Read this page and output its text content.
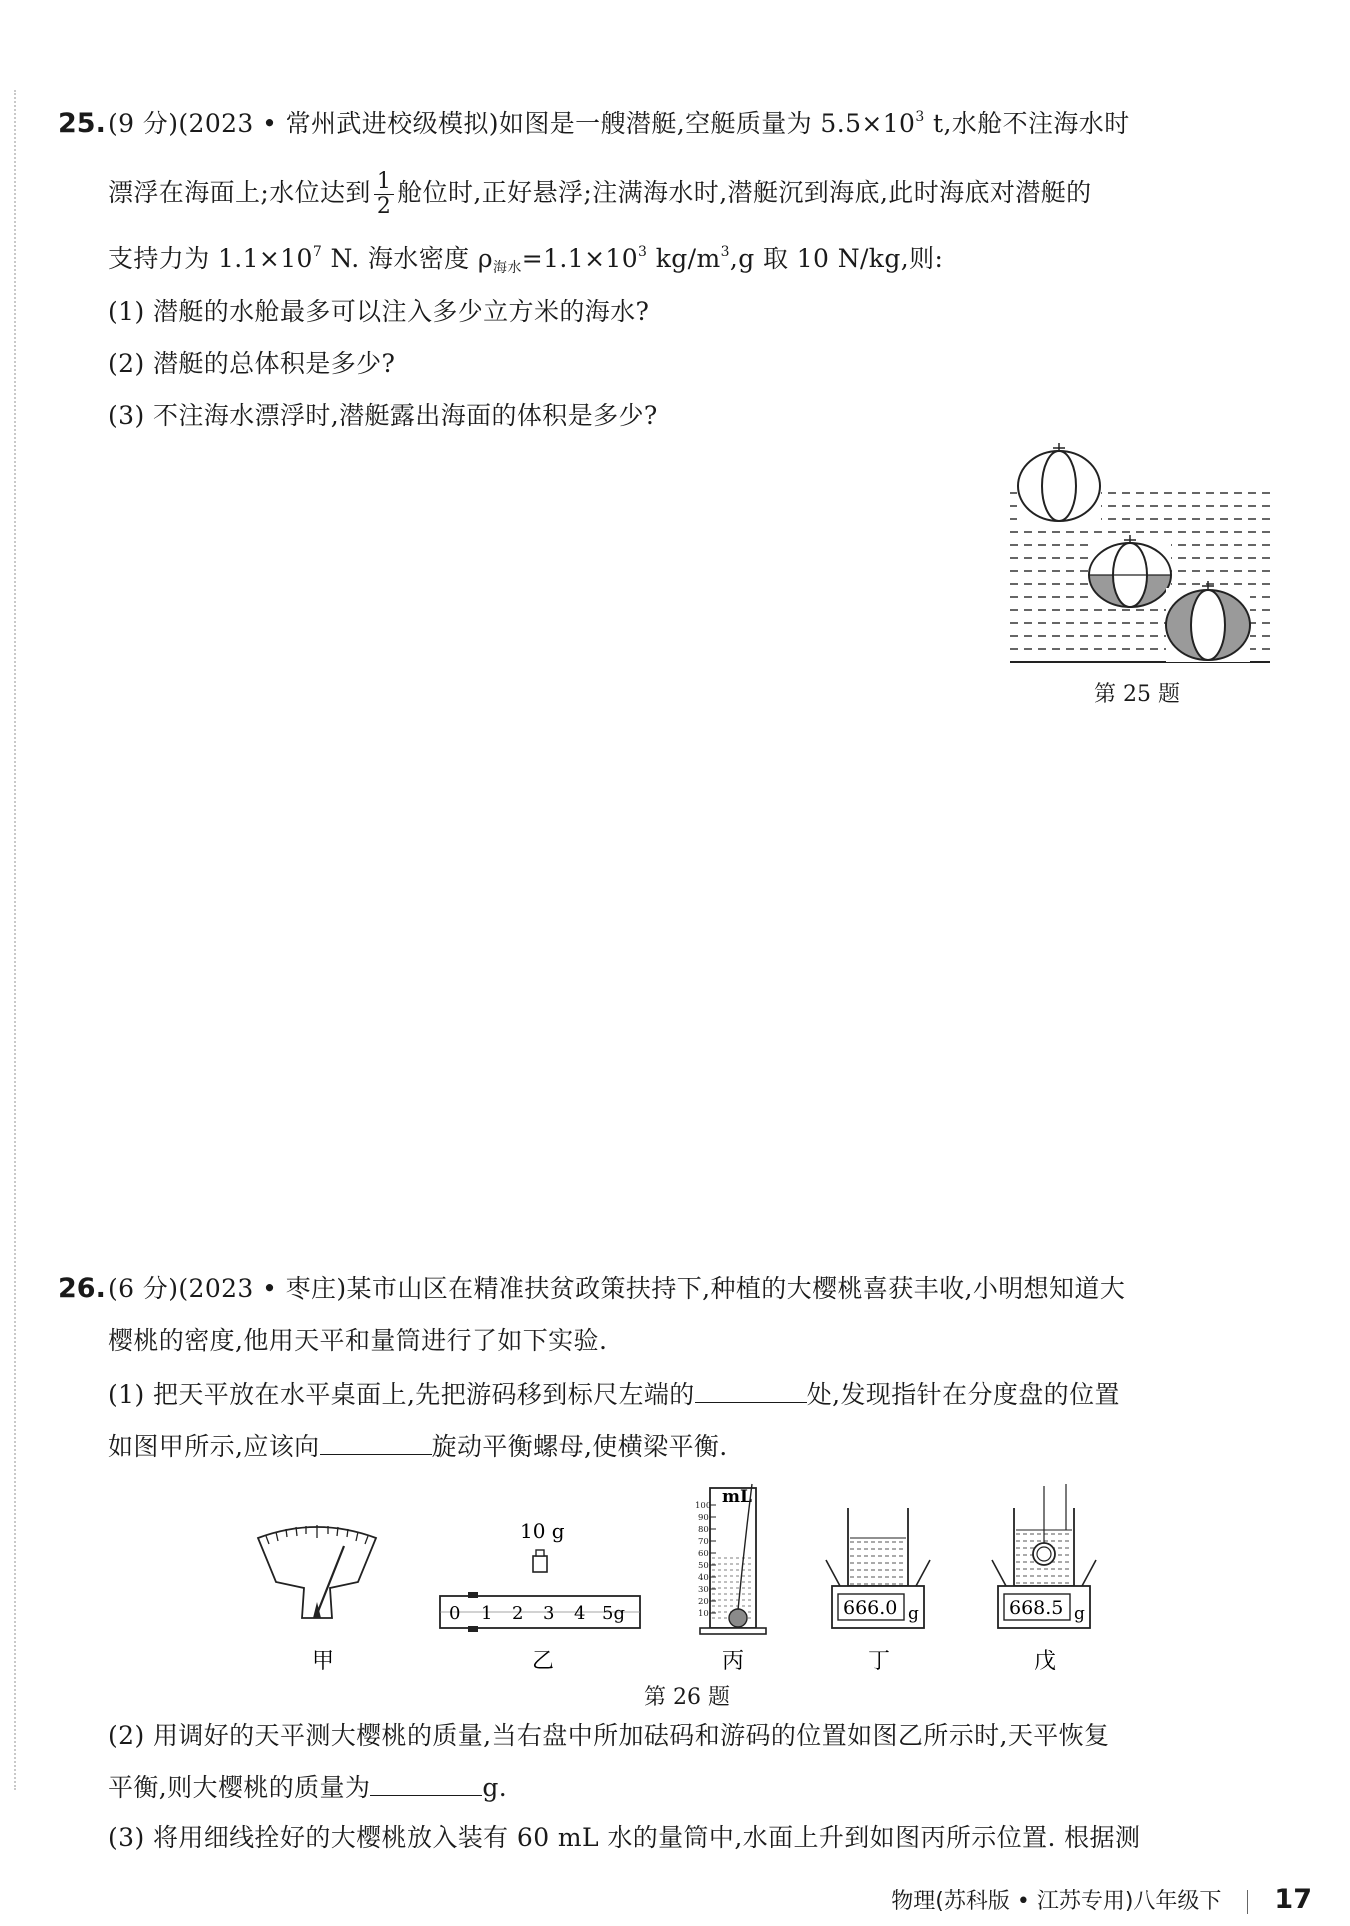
25. (9 分)(2023 • 常州武进校级模拟)如图是一艘潜艇,空艇质量为 $5.5\times 10^3$ t,水舱不注海水时
漂浮在海面上;水位达到 $\frac{1}{2}$ 舱位时,正好悬浮;注满海水时,潜艇沉到海底,此时海底对潜艇的
支持力为 $1.1\times 10^7$ N. 海水密度 $\rho_{海水}=1.1\times 10^3$ $kg/m^3,g$ 取 10 N/kg,则:
(1) 潜艇的水舱最多可以注入多少立方米的海水?
(2) 潜艇的总体积是多少?
(3) 不注海水漂浮时,潜艇露出海面的体积是多少?
第 25 题
26. (6 分)(2023 • 枣庄)某市山区在精准扶贫政策扶持下,种植的大樱桃喜获丰收,小明想知道大
樱桃的密度,他用天平和量筒进行了如下实验.
(1) 把天平放在水平桌面上,先把游码移到标尺左端的	处,发现指针在分度盘的位置
如图甲所示,应该向	旋动平衡螺母,使横梁平衡.
甲
10 g
0 1 2 3 4 5g
乙
mL
100
90
80
70
60
50
40
30
20
10
丙
666.0 g
丁
668.5 g
戊
第 26 题
(2) 用调好的天平测大樱桃的质量,当右盘中所加砝码和游码的位置如图乙所示时,天平恢复
平衡,则大樱桃的质量为	g.
(3) 将用细线拴好的大樱桃放入装有 60 mL 水的量筒中,水面上升到如图丙所示位置. 根据测
物理(苏科版 • 江苏专用)八年级下 17
